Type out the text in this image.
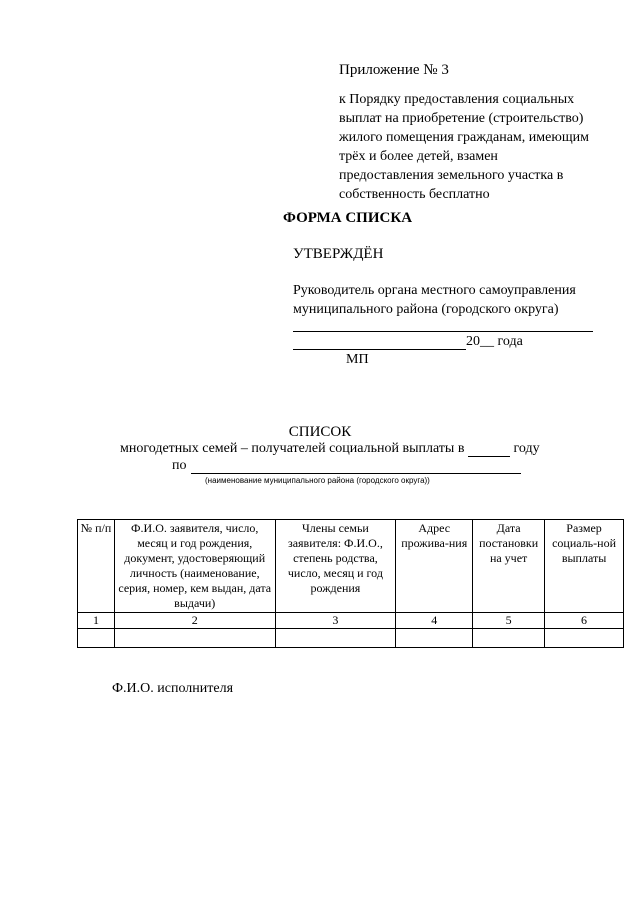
Приложение № 3
к Порядку предоставления социальных
выплат на приобретение (строительство)
жилого помещения гражданам, имеющим
трёх и более детей, взамен
предоставления земельного участка в
собственность бесплатно
ФОРМА СПИСКА
УТВЕРЖДЁН
Руководитель органа местного самоуправления
муниципального района (городского округа)
20__ года
МП
СПИСОК
многодетных семей – получателей социальной выплаты в	году
по
(наименование муниципального района (городского округа))
№ п/п	Ф.И.О. заявителя, число, месяц и год рождения, документ, удостоверяющий личность (наименование, серия, номер, кем выдан, дата выдачи)	Члены семьи заявителя: Ф.И.О., степень родства, число, месяц и год рождения	Адрес прожива-ния	Дата постановки на учет	Размер социаль-ной выплаты
1	2	3	4	5	6

Ф.И.О. исполнителя
